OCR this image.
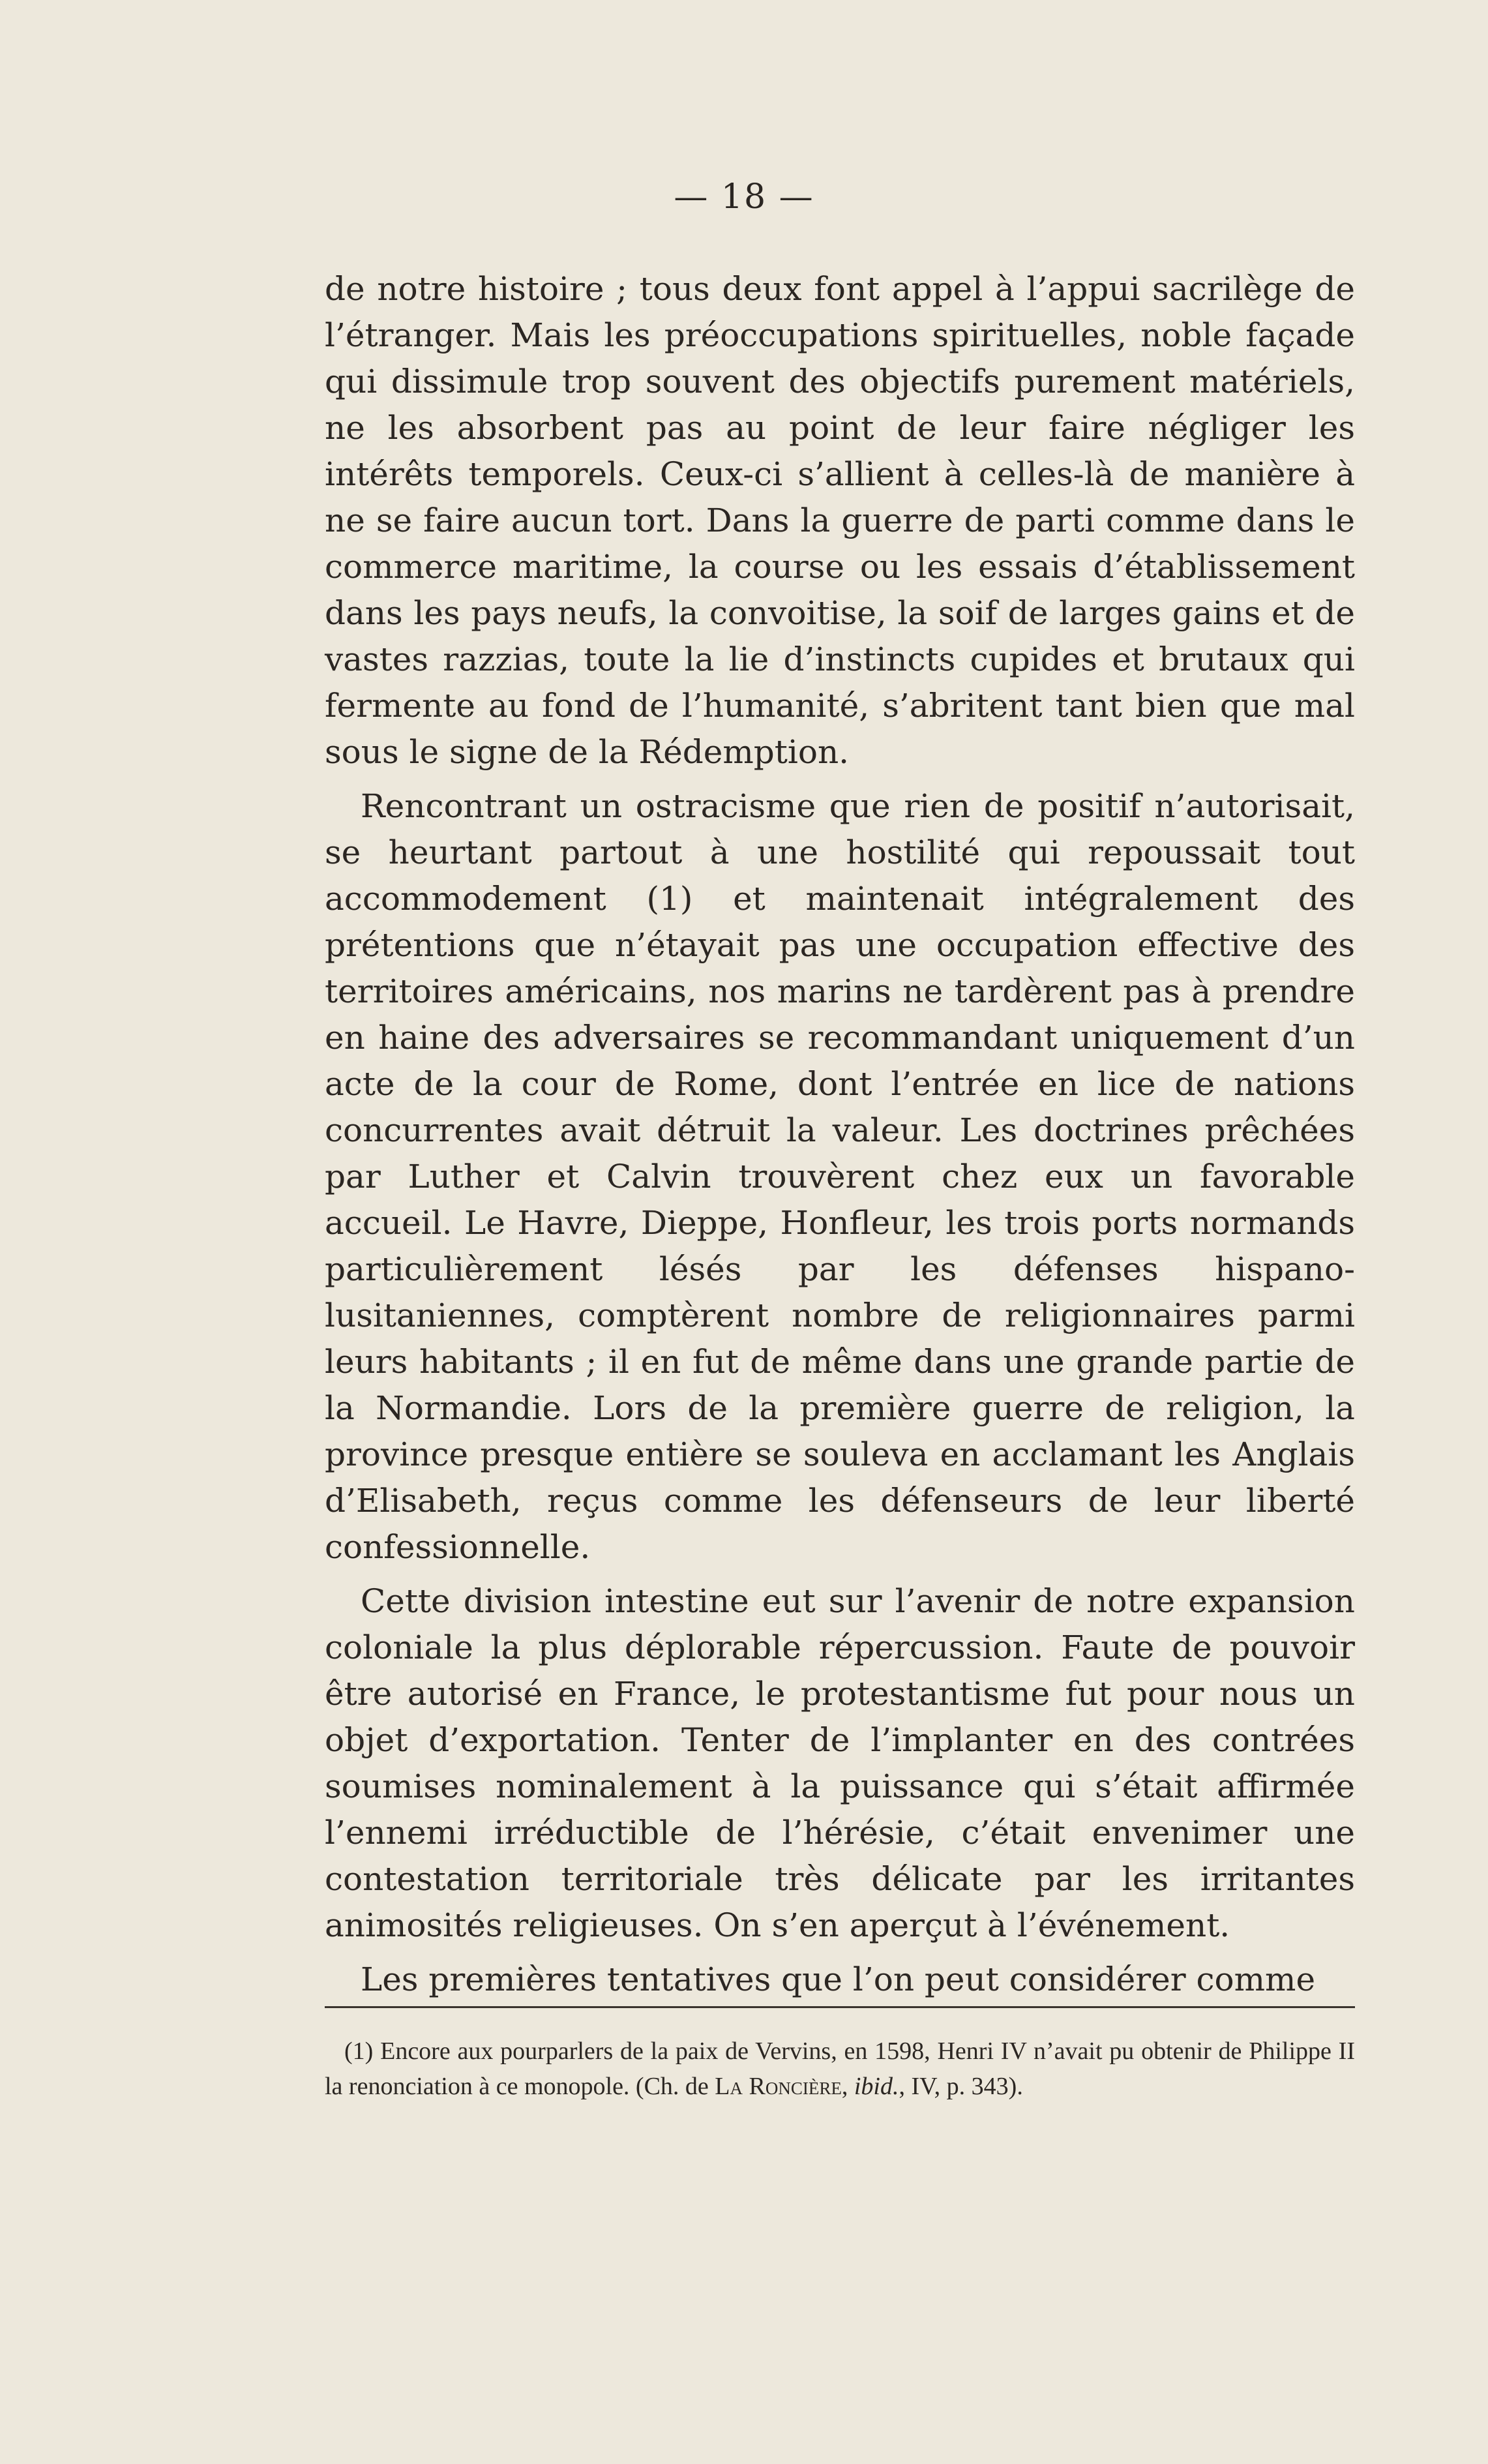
— 18 —

de notre histoire ; tous deux font appel à l’appui sacrilège de l’étranger. Mais les préoccupations spirituelles, noble façade qui dissimule trop souvent des objectifs purement matériels, ne les absorbent pas au point de leur faire négliger les intérêts temporels. Ceux-ci s’allient à celles-là de manière à ne se faire aucun tort. Dans la guerre de parti comme dans le commerce maritime, la course ou les essais d’établissement dans les pays neufs, la convoitise, la soif de larges gains et de vastes razzias, toute la lie d’instincts cupides et brutaux qui fermente au fond de l’humanité, s’abritent tant bien que mal sous le signe de la Rédemption.

Rencontrant un ostracisme que rien de positif n’autorisait, se heurtant partout à une hostilité qui repoussait tout accommodement (1) et maintenait intégralement des prétentions que n’étayait pas une occupation effective des territoires américains, nos marins ne tardèrent pas à prendre en haine des adversaires se recommandant uniquement d’un acte de la cour de Rome, dont l’entrée en lice de nations concurrentes avait détruit la valeur. Les doctrines prêchées par Luther et Calvin trouvèrent chez eux un favorable accueil. Le Havre, Dieppe, Honfleur, les trois ports normands particulièrement lésés par les défenses hispano-lusitaniennes, comptèrent nombre de religionnaires parmi leurs habitants ; il en fut de même dans une grande partie de la Normandie. Lors de la première guerre de religion, la province presque entière se souleva en acclamant les Anglais d’Elisabeth, reçus comme les défenseurs de leur liberté confessionnelle.

Cette division intestine eut sur l’avenir de notre expansion coloniale la plus déplorable répercussion. Faute de pouvoir être autorisé en France, le protestantisme fut pour nous un objet d’exportation. Tenter de l’implanter en des contrées soumises nominalement à la puissance qui s’était affirmée l’ennemi irréductible de l’hérésie, c’était envenimer une contestation territoriale très délicate par les irritantes animosités religieuses. On s’en aperçut à l’événement.

Les premières tentatives que l’on peut considérer comme

(1) Encore aux pourparlers de la paix de Vervins, en 1598, Henri IV n’avait pu obtenir de Philippe II la renonciation à ce monopole. (Ch. de La Roncière, ibid., IV, p. 343).
